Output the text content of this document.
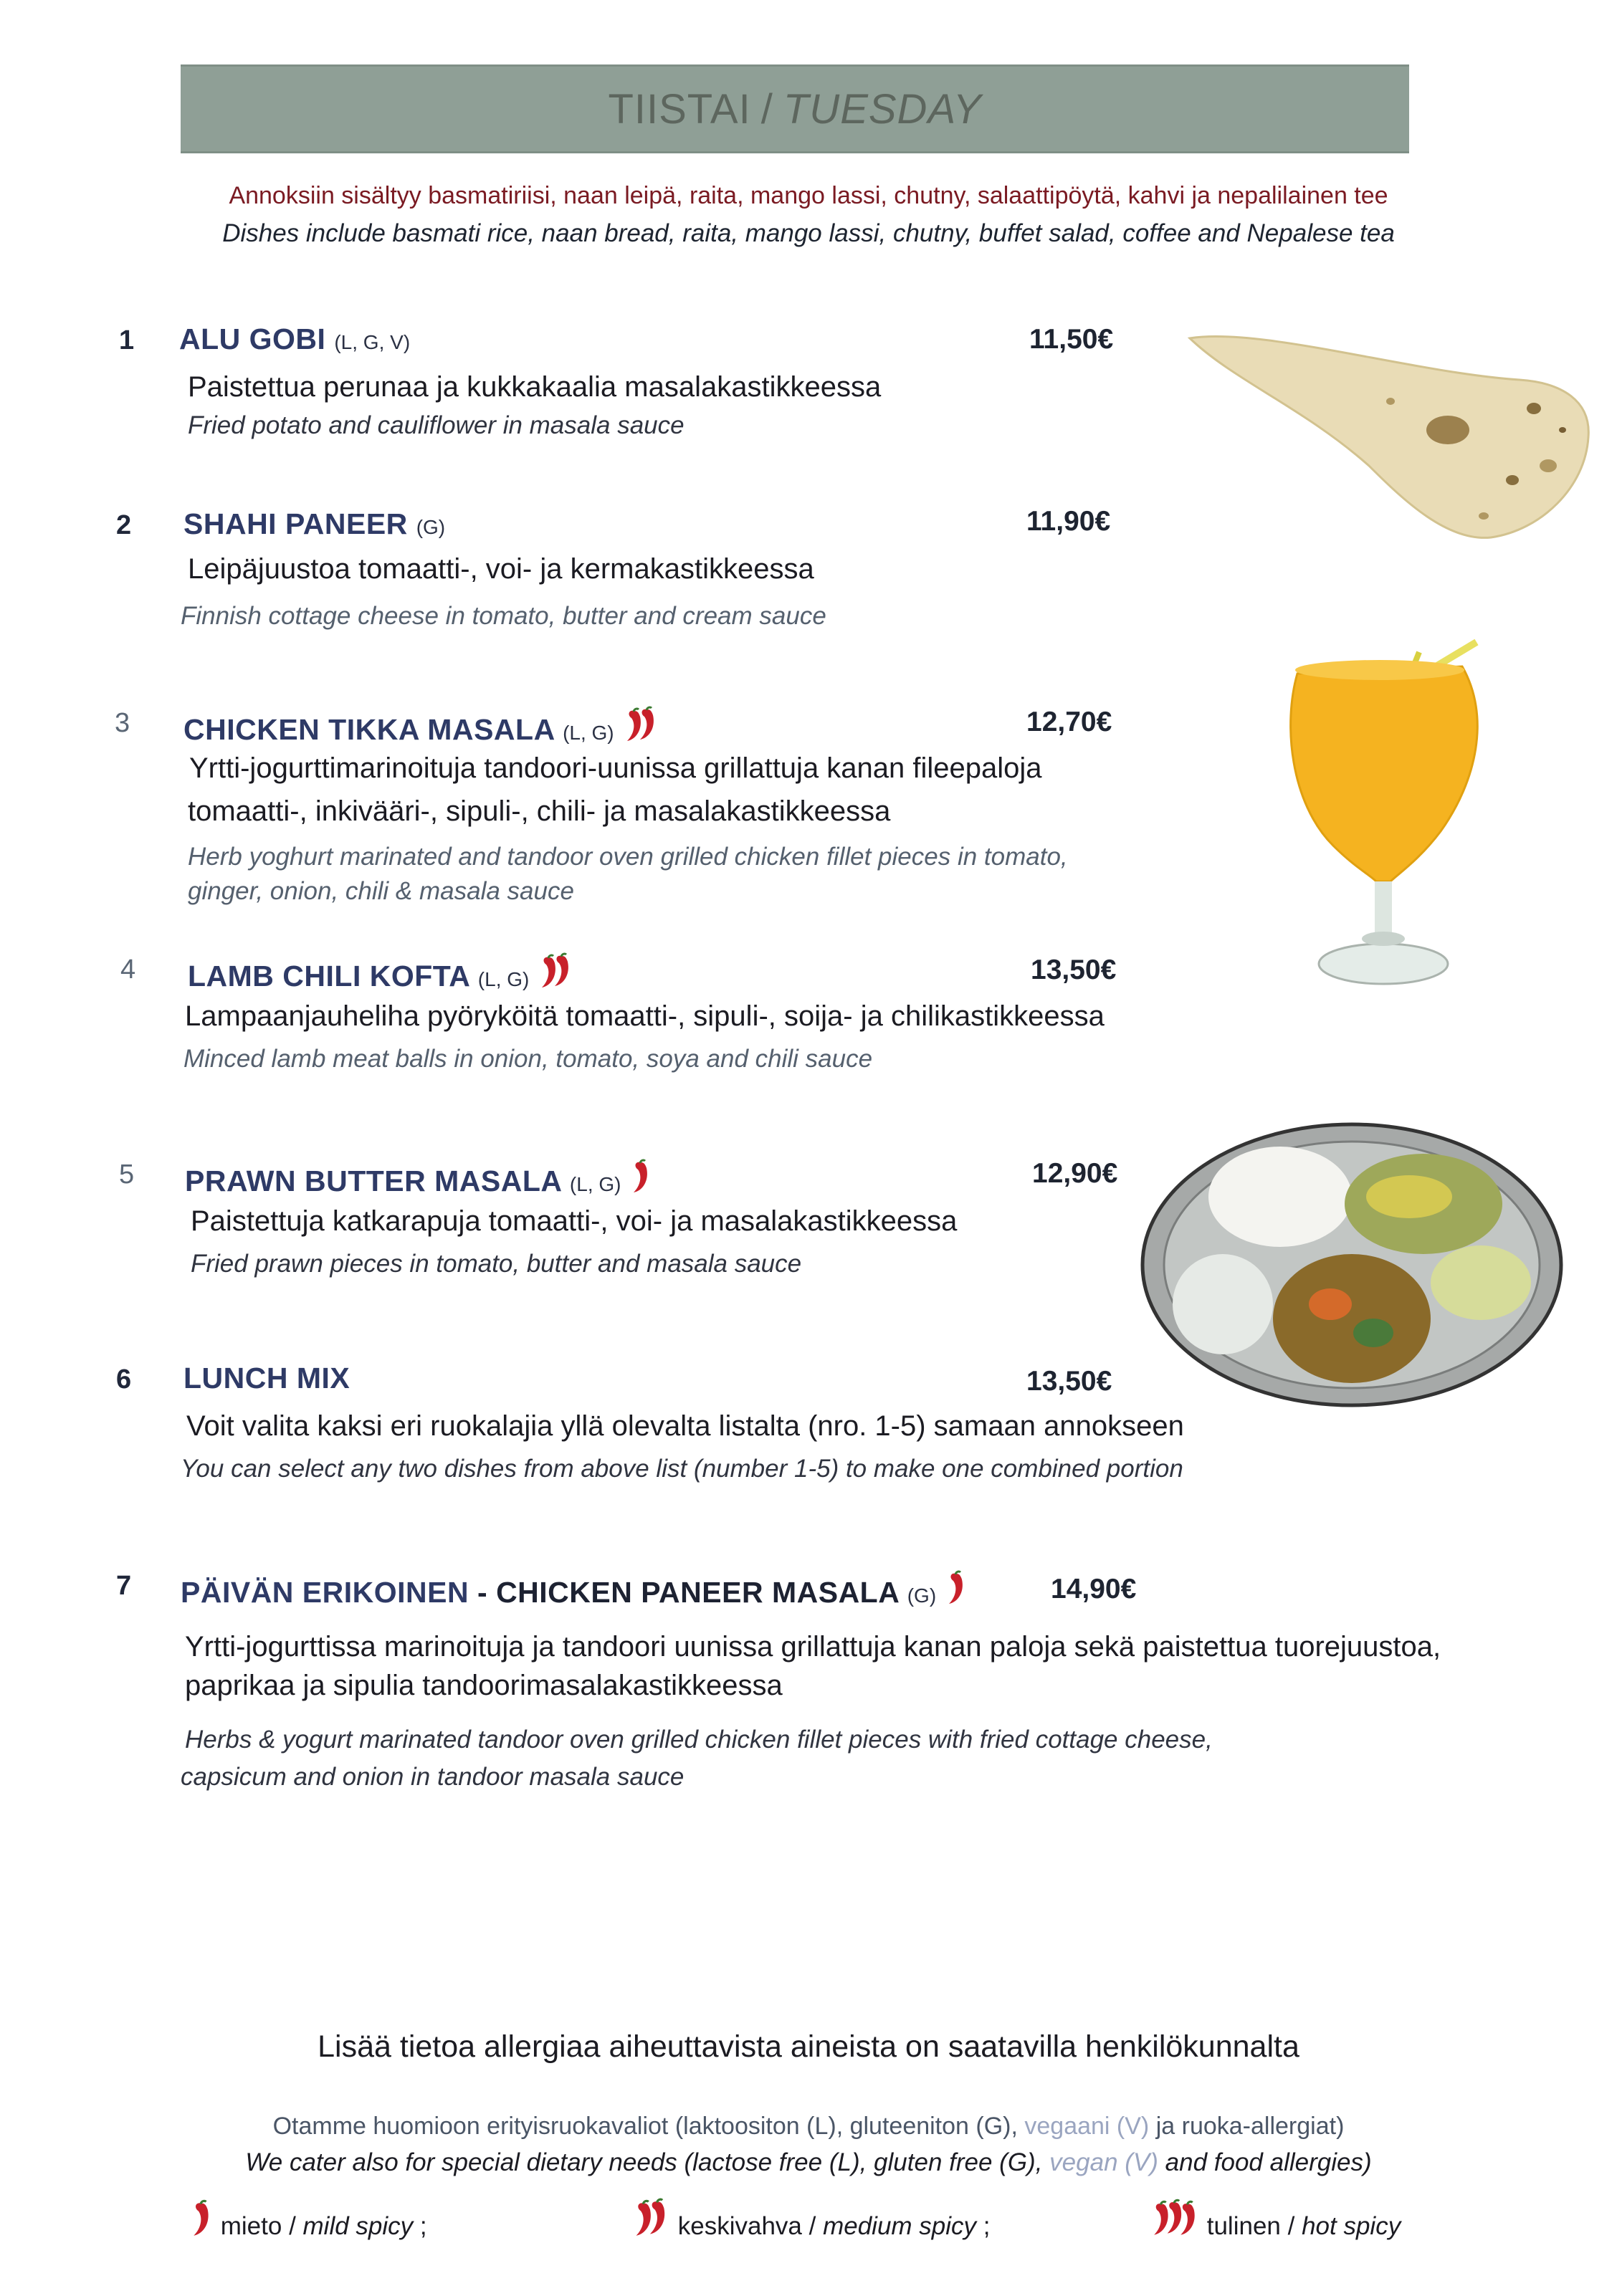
TIISTAI / TUESDAY
Annoksiin sisältyy basmatiriisi, naan leipä, raita, mango lassi, chutny, salaattipöytä, kahvi ja nepalilainen tee
Dishes include basmati rice, naan bread, raita, mango lassi, chutny, buffet salad, coffee and Nepalese tea
1 ALU GOBI (L, G, V)	11,50€
Paistettua perunaa ja kukkakaalia masalakastikkeessa
Fried potato and cauliflower in masala sauce
2 SHAHI PANEER (G)	11,90€
Leipäjuustoa tomaatti-, voi- ja kermakastikkeessa
Finnish cottage cheese in tomato, butter and cream sauce
3 CHICKEN TIKKA MASALA (L, G)	12,70€
Yrtti-jogurttimarinoituja tandoori-uunissa grillattuja kanan fileepaloja
tomaatti-, inkivääri-, sipuli-, chili- ja masalakastikkeessa
Herb yoghurt marinated and tandoor oven grilled chicken fillet pieces in tomato,
ginger, onion, chili & masala sauce
4 LAMB CHILI KOFTA (L, G)	13,50€
Lampaanjauheliha pyöryköitä tomaatti-, sipuli-, soija- ja chilikastikkeessa
Minced lamb meat balls in onion, tomato, soya and chili sauce
5 PRAWN BUTTER MASALA (L, G)	12,90€
Paistettuja katkarapuja tomaatti-, voi- ja masalakastikkeessa
Fried prawn pieces in tomato, butter and masala sauce
6 LUNCH MIX	13,50€
Voit valita kaksi eri ruokalajia yllä olevalta listalta (nro. 1-5) samaan annokseen
You can select any two dishes from above list (number 1-5) to make one combined portion
7 PÄIVÄN ERIKOINEN - CHICKEN PANEER MASALA (G)	14,90€
Yrtti-jogurttissa marinoituja ja tandoori uunissa grillattuja kanan paloja sekä paistettua tuorejuustoa,
paprikaa ja sipulia tandoorimasalakastikkeessa
Herbs & yogurt marinated tandoor oven grilled chicken fillet pieces with fried cottage cheese,
capsicum and onion in tandoor masala sauce
Lisää tietoa allergiaa aiheuttavista aineista on saatavilla henkilökunnalta
Otamme huomioon erityisruokavaliot (laktoositon (L), gluteeniton (G), vegaani (V) ja ruoka-allergiat)
We cater also for special dietary needs (lactose free (L), gluten free (G), vegan (V) and food allergies)
mieto / mild spicy ;	keskivahva / medium spicy ;	tulinen / hot spicy
